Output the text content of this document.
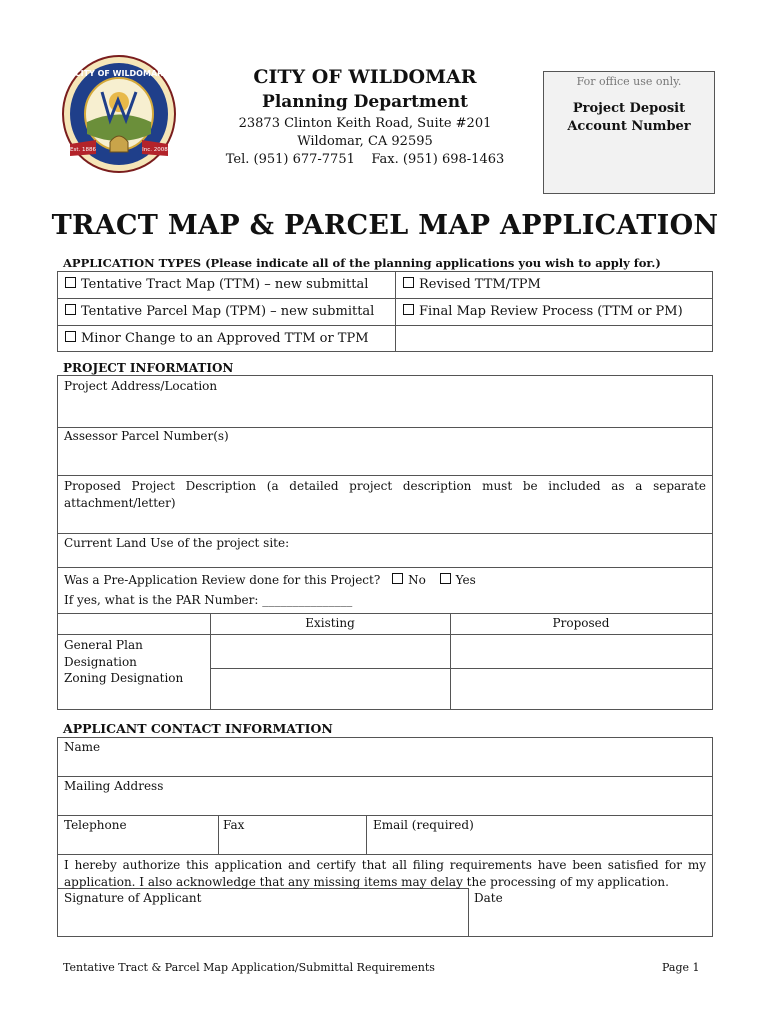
CITY OF WILDOMAR
Est. 1886	Inc. 2008
CITY OF WILDOMAR
Planning Department
23873 Clinton Keith Road, Suite #201
Wildomar, CA 92595
Tel. (951) 677-7751    Fax. (951) 698-1463
For office use only.
Project Deposit
Account Number
TRACT MAP & PARCEL MAP APPLICATION
APPLICATION TYPES (Please indicate all of the planning applications you wish to apply for.)
Tentative Tract Map (TTM) – new submittal	Revised TTM/TPM
Tentative Parcel Map (TPM) – new submittal	Final Map Review Process (TTM or PM)
Minor Change to an Approved TTM or TPM
PROJECT INFORMATION
Project Address/Location
Assessor Parcel Number(s)
Proposed Project Description (a detailed project description must be included as a separate attachment/letter)
Current Land Use of the project site:
Was a Pre-Application Review done for this Project? No Yes
If yes, what is the PAR Number: _______________
Existing	Proposed
General Plan
Designation
Zoning Designation
APPLICANT CONTACT INFORMATION
Name
Mailing Address
Telephone	Fax	Email (required)
I hereby authorize this application and certify that all filing requirements have been satisfied for my application. I also acknowledge that any missing items may delay the processing of my application.
Signature of Applicant	Date
Tentative Tract & Parcel Map Application/Submittal Requirements	Page 1
